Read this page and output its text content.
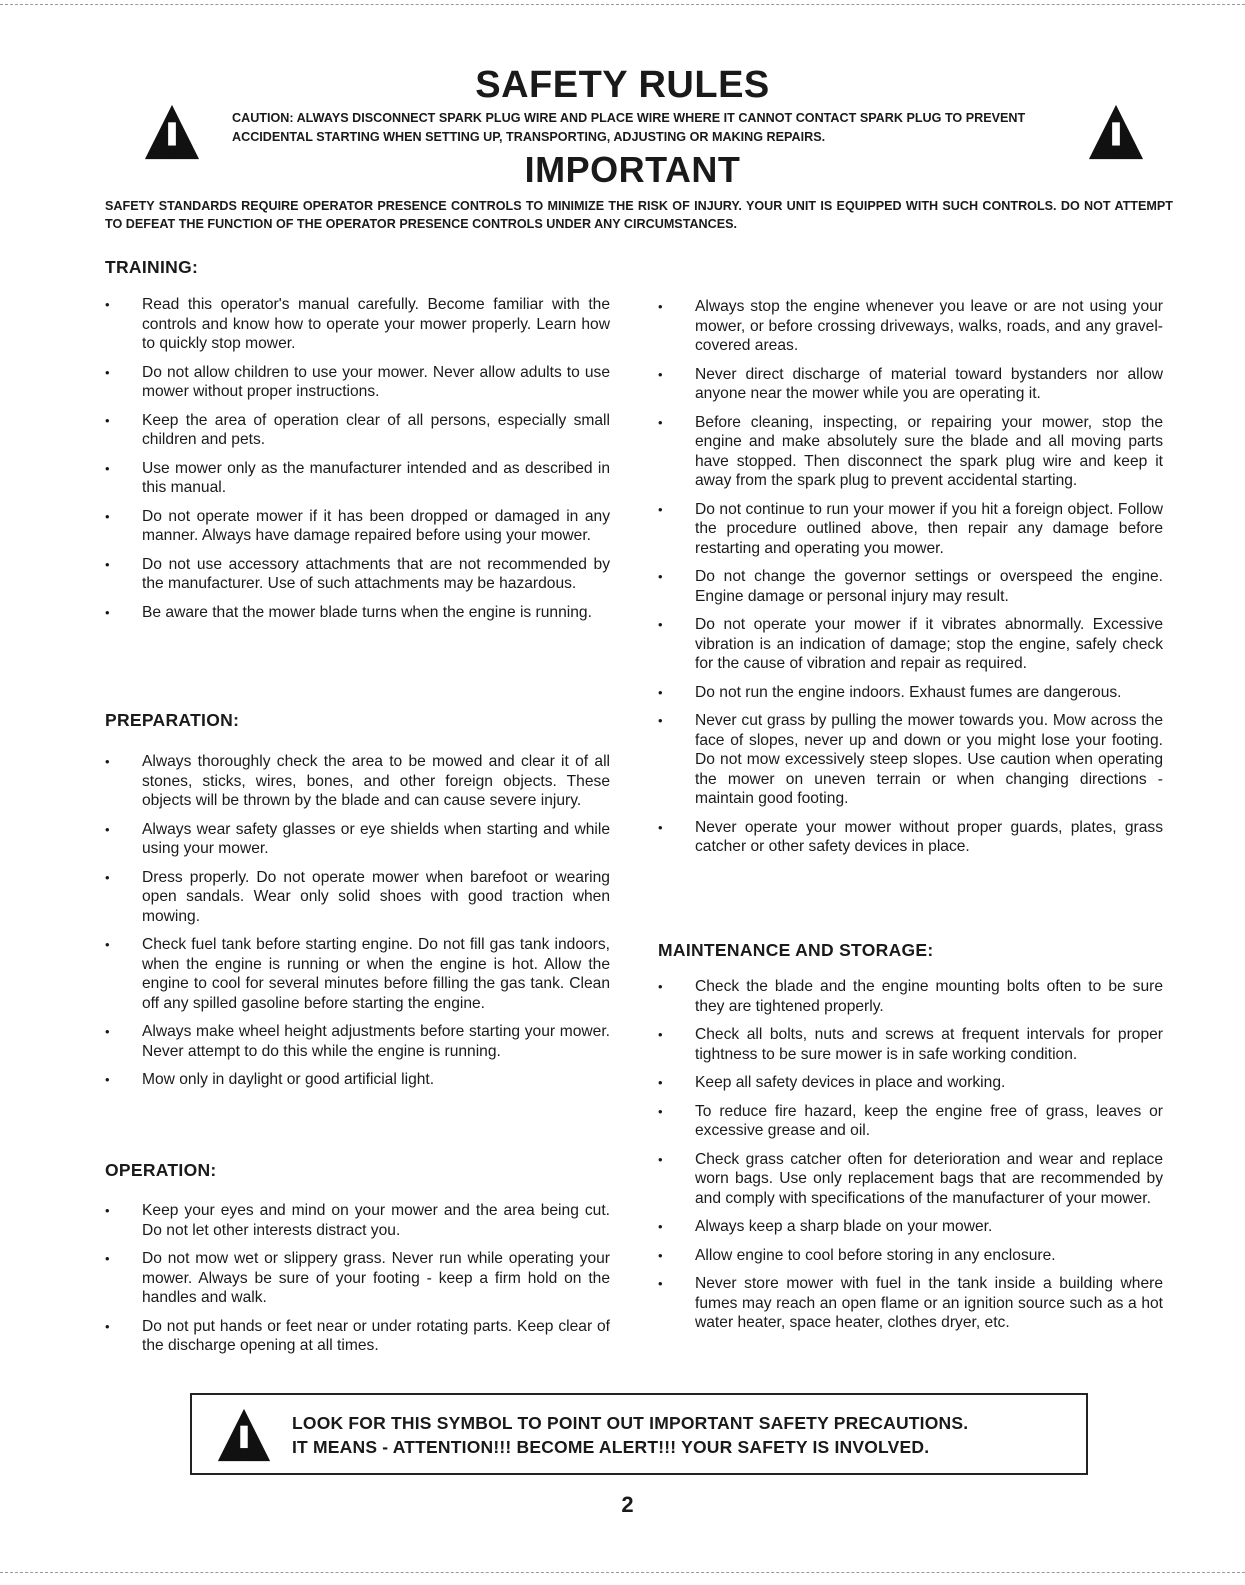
SAFETY RULES

CAUTION: ALWAYS DISCONNECT SPARK PLUG WIRE AND PLACE WIRE WHERE IT CANNOT CONTACT SPARK PLUG TO PREVENT ACCIDENTAL STARTING WHEN SETTING UP, TRANSPORTING, ADJUSTING OR MAKING REPAIRS.

IMPORTANT

SAFETY STANDARDS REQUIRE OPERATOR PRESENCE CONTROLS TO MINIMIZE THE RISK OF INJURY. YOUR UNIT IS EQUIPPED WITH SUCH CONTROLS. DO NOT ATTEMPT TO DEFEAT THE FUNCTION OF THE OPERATOR PRESENCE CONTROLS UNDER ANY CIRCUMSTANCES.

TRAINING:
• Read this operator's manual carefully. Become familiar with the controls and know how to operate your mower properly. Learn how to quickly stop mower.
• Do not allow children to use your mower. Never allow adults to use mower without proper instructions.
• Keep the area of operation clear of all persons, especially small children and pets.
• Use mower only as the manufacturer intended and as described in this manual.
• Do not operate mower if it has been dropped or damaged in any manner. Always have damage repaired before using your mower.
• Do not use accessory attachments that are not recommended by the manufacturer. Use of such attachments may be hazardous.
• Be aware that the mower blade turns when the engine is running.
PREPARATION:
• Always thoroughly check the area to be mowed and clear it of all stones, sticks, wires, bones, and other foreign objects. These objects will be thrown by the blade and can cause severe injury.
• Always wear safety glasses or eye shields when starting and while using your mower.
• Dress properly. Do not operate mower when barefoot or wearing open sandals. Wear only solid shoes with good traction when mowing.
• Check fuel tank before starting engine. Do not fill gas tank indoors, when the engine is running or when the engine is hot. Allow the engine to cool for several minutes before filling the gas tank. Clean off any spilled gasoline before starting the engine.
• Always make wheel height adjustments before starting your mower. Never attempt to do this while the engine is running.
• Mow only in daylight or good artificial light.
OPERATION:
• Keep your eyes and mind on your mower and the area being cut. Do not let other interests distract you.
• Do not mow wet or slippery grass. Never run while operating your mower. Always be sure of your footing - keep a firm hold on the handles and walk.
• Do not put hands or feet near or under rotating parts. Keep clear of the discharge opening at all times.
• Always stop the engine whenever you leave or are not using your mower, or before crossing driveways, walks, roads, and any gravel-covered areas.
• Never direct discharge of material toward bystanders nor allow anyone near the mower while you are operating it.
• Before cleaning, inspecting, or repairing your mower, stop the engine and make absolutely sure the blade and all moving parts have stopped. Then disconnect the spark plug wire and keep it away from the spark plug to prevent accidental starting.
• Do not continue to run your mower if you hit a foreign object. Follow the procedure outlined above, then repair any damage before restarting and operating you mower.
• Do not change the governor settings or overspeed the engine. Engine damage or personal injury may result.
• Do not operate your mower if it vibrates abnormally. Excessive vibration is an indication of damage; stop the engine, safely check for the cause of vibration and repair as required.
• Do not run the engine indoors. Exhaust fumes are dangerous.
• Never cut grass by pulling the mower towards you. Mow across the face of slopes, never up and down or you might lose your footing. Do not mow excessively steep slopes. Use caution when operating the mower on uneven terrain or when changing directions - maintain good footing.
• Never operate your mower without proper guards, plates, grass catcher or other safety devices in place.
MAINTENANCE AND STORAGE:
• Check the blade and the engine mounting bolts often to be sure they are tightened properly.
• Check all bolts, nuts and screws at frequent intervals for proper tightness to be sure mower is in safe working condition.
• Keep all safety devices in place and working.
• To reduce fire hazard, keep the engine free of grass, leaves or excessive grease and oil.
• Check grass catcher often for deterioration and wear and replace worn bags. Use only replacement bags that are recommended by and comply with specifications of the manufacturer of your mower.
• Always keep a sharp blade on your mower.
• Allow engine to cool before storing in any enclosure.
• Never store mower with fuel in the tank inside a building where fumes may reach an open flame or an ignition source such as a hot water heater, space heater, clothes dryer, etc.

LOOK FOR THIS SYMBOL TO POINT OUT IMPORTANT SAFETY PRECAUTIONS.
IT MEANS - ATTENTION!!! BECOME ALERT!!! YOUR SAFETY IS INVOLVED.

2
